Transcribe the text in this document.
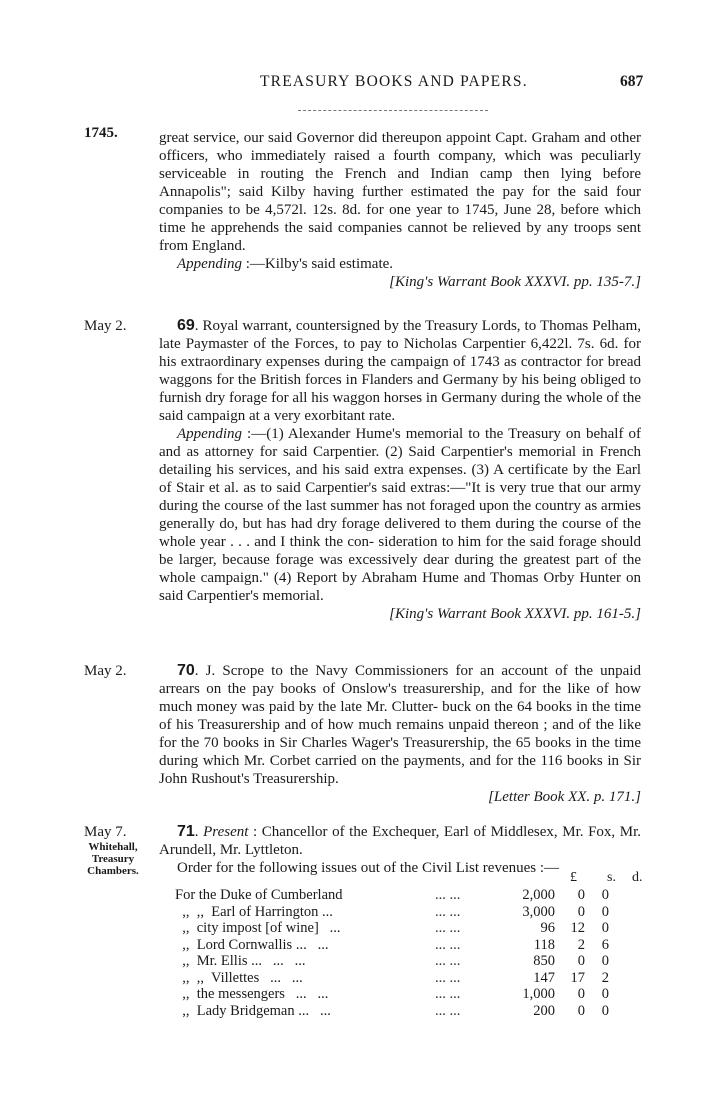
TREASURY BOOKS AND PAPERS.	687
1745.	great service, our said Governor did thereupon appoint Capt. Graham and other officers, who immediately raised a fourth company, which was peculiarly serviceable in routing the French and Indian camp then lying before Annapolis"; said Kilby having further estimated the pay for the said four companies to be 4,572l. 12s. 8d. for one year to 1745, June 28, before which time he apprehends the said companies cannot be relieved by any troops sent from England.

Appending :—Kilby's said estimate.

[King's Warrant Book XXXVI. pp. 135-7.]

May 2.	69. Royal warrant, countersigned by the Treasury Lords, to Thomas Pelham, late Paymaster of the Forces, to pay to Nicholas Carpentier 6,422l. 7s. 6d. for his extraordinary expenses during the campaign of 1743 as contractor for bread waggons for the British forces in Flanders and Germany by his being obliged to furnish dry forage for all his waggon horses in Germany during the whole of the said campaign at a very exorbitant rate.

Appending :—(1) Alexander Hume's memorial to the Treasury on behalf of and as attorney for said Carpentier. (2) Said Carpentier's memorial in French detailing his services, and his said extra expenses. (3) A certificate by the Earl of Stair et al. as to said Carpentier's said extras:—"It is very true that our army during the course of the last summer has not foraged upon the country as armies generally do, but has had dry forage delivered to them during the course of the whole year . . . and I think the con- sideration to him for the said forage should be larger, because forage was excessively dear during the greatest part of the whole campaign." (4) Report by Abraham Hume and Thomas Orby Hunter on said Carpentier's memorial.

[King's Warrant Book XXXVI. pp. 161-5.]

May 2.	70. J. Scrope to the Navy Commissioners for an account of the unpaid arrears on the pay books of Onslow's treasurership, and for the like of how much money was paid by the late Mr. Clutter- buck on the 64 books in the time of his Treasurership and of how much remains unpaid thereon ; and of the like for the 70 books in Sir Charles Wager's Treasurership, the 65 books in the time during which Mr. Corbet carried on the payments, and for the 116 books in Sir John Rushout's Treasurership.

[Letter Book XX. p. 171.]

May 7.
Whitehall,
Treasury
Chambers.

71. Present : Chancellor of the Exchequer, Earl of Middlesex, Mr. Fox, Mr. Arundell, Mr. Lyttleton.

Order for the following issues out of the Civil List revenues :—

£ s. d.
For the Duke of Cumberland	... ...	2,000	0	0
,,  ,,  Earl of Harrington ...	... ...	3,000	0	0
,,  city impost [of wine]   ...	... ...	96	12	0
,,  Lord Cornwallis ...   ...	... ...	118	2	6
,,  Mr. Ellis ...   ...   ...	... ...	850	0	0
,,  ,,  Villettes   ...   ...	... ...	147	17	2
,,  the messengers   ...   ...	... ...	1,000	0	0
,,  Lady Bridgeman ...   ...	... ...	200	0	0
